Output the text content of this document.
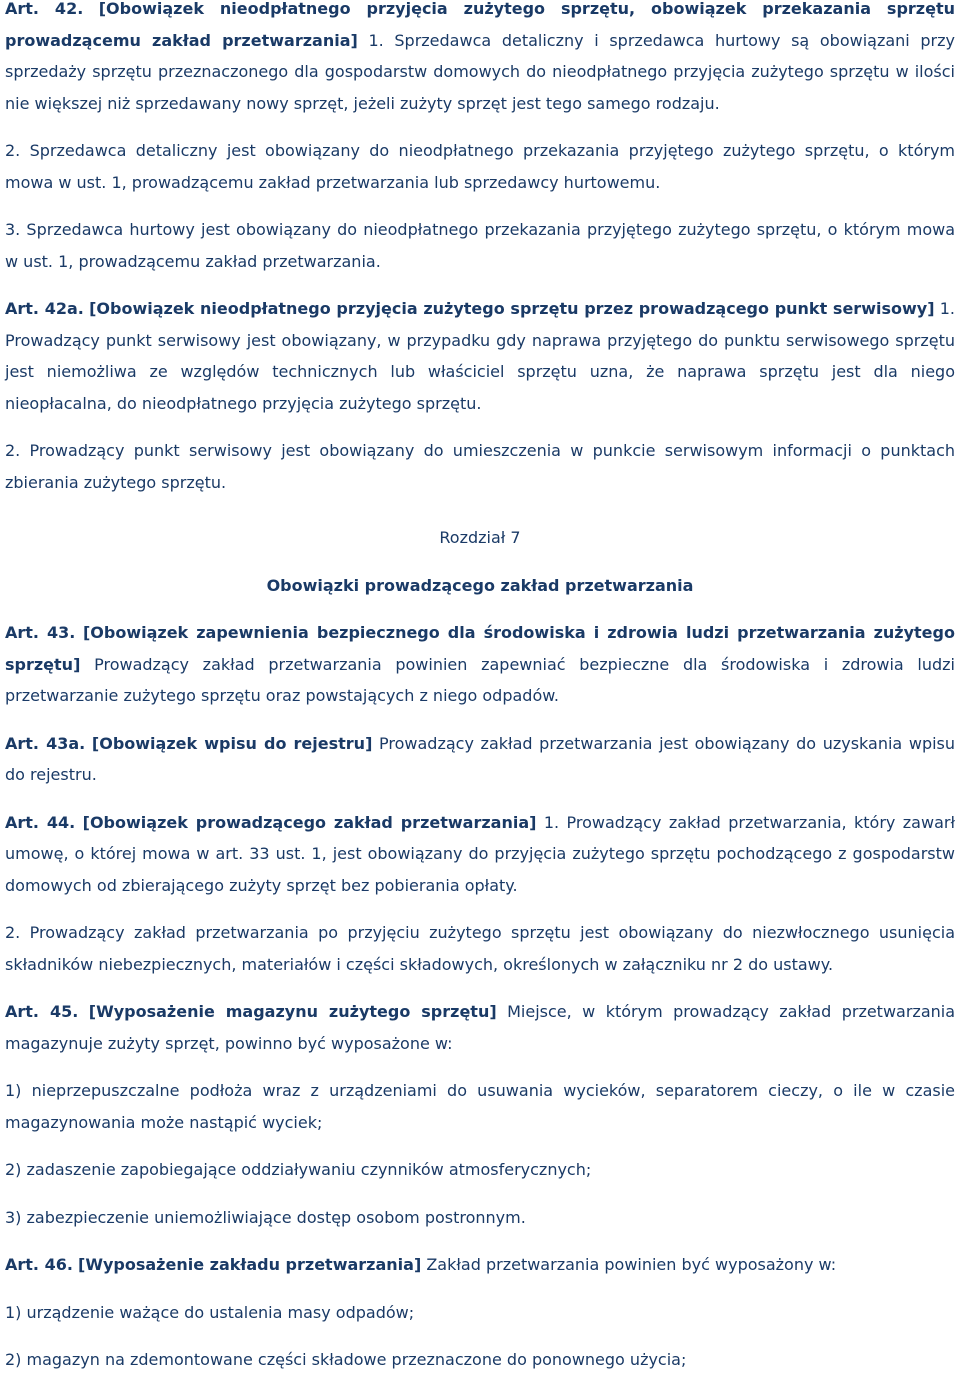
Art. 42. [Obowiązek nieodpłatnego przyjęcia zużytego sprzętu, obowiązek przekazania sprzętu prowadzącemu zakład przetwarzania] 1. Sprzedawca detaliczny i sprzedawca hurtowy są obowiązani przy sprzedaży sprzętu przeznaczonego dla gospodarstw domowych do nieodpłatnego przyjęcia zużytego sprzętu w ilości nie większej niż sprzedawany nowy sprzęt, jeżeli zużyty sprzęt jest tego samego rodzaju.

2. Sprzedawca detaliczny jest obowiązany do nieodpłatnego przekazania przyjętego zużytego sprzętu, o którym mowa w ust. 1, prowadzącemu zakład przetwarzania lub sprzedawcy hurtowemu.

3. Sprzedawca hurtowy jest obowiązany do nieodpłatnego przekazania przyjętego zużytego sprzętu, o którym mowa w ust. 1, prowadzącemu zakład przetwarzania.

Art. 42a. [Obowiązek nieodpłatnego przyjęcia zużytego sprzętu przez prowadzącego punkt serwisowy] 1. Prowadzący punkt serwisowy jest obowiązany, w przypadku gdy naprawa przyjętego do punktu serwisowego sprzętu jest niemożliwa ze względów technicznych lub właściciel sprzętu uzna, że naprawa sprzętu jest dla niego nieopłacalna, do nieodpłatnego przyjęcia zużytego sprzętu.

2. Prowadzący punkt serwisowy jest obowiązany do umieszczenia w punkcie serwisowym informacji o punktach zbierania zużytego sprzętu.

Rozdział 7

Obowiązki prowadzącego zakład przetwarzania

Art. 43. [Obowiązek zapewnienia bezpiecznego dla środowiska i zdrowia ludzi przetwarzania zużytego sprzętu] Prowadzący zakład przetwarzania powinien zapewniać bezpieczne dla środowiska i zdrowia ludzi przetwarzanie zużytego sprzętu oraz powstających z niego odpadów.

Art. 43a. [Obowiązek wpisu do rejestru] Prowadzący zakład przetwarzania jest obowiązany do uzyskania wpisu do rejestru.

Art. 44. [Obowiązek prowadzącego zakład przetwarzania] 1. Prowadzący zakład przetwarzania, który zawarł umowę, o której mowa w art. 33 ust. 1, jest obowiązany do przyjęcia zużytego sprzętu pochodzącego z gospodarstw domowych od zbierającego zużyty sprzęt bez pobierania opłaty.

2. Prowadzący zakład przetwarzania po przyjęciu zużytego sprzętu jest obowiązany do niezwłocznego usunięcia składników niebezpiecznych, materiałów i części składowych, określonych w załączniku nr 2 do ustawy.

Art. 45. [Wyposażenie magazynu zużytego sprzętu] Miejsce, w którym prowadzący zakład przetwarzania magazynuje zużyty sprzęt, powinno być wyposażone w:

1) nieprzepuszczalne podłoża wraz z urządzeniami do usuwania wycieków, separatorem cieczy, o ile w czasie magazynowania może nastąpić wyciek;

2) zadaszenie zapobiegające oddziaływaniu czynników atmosferycznych;

3) zabezpieczenie uniemożliwiające dostęp osobom postronnym.

Art. 46. [Wyposażenie zakładu przetwarzania] Zakład przetwarzania powinien być wyposażony w:

1) urządzenie ważące do ustalenia masy odpadów;

2) magazyn na zdemontowane części składowe przeznaczone do ponownego użycia;
